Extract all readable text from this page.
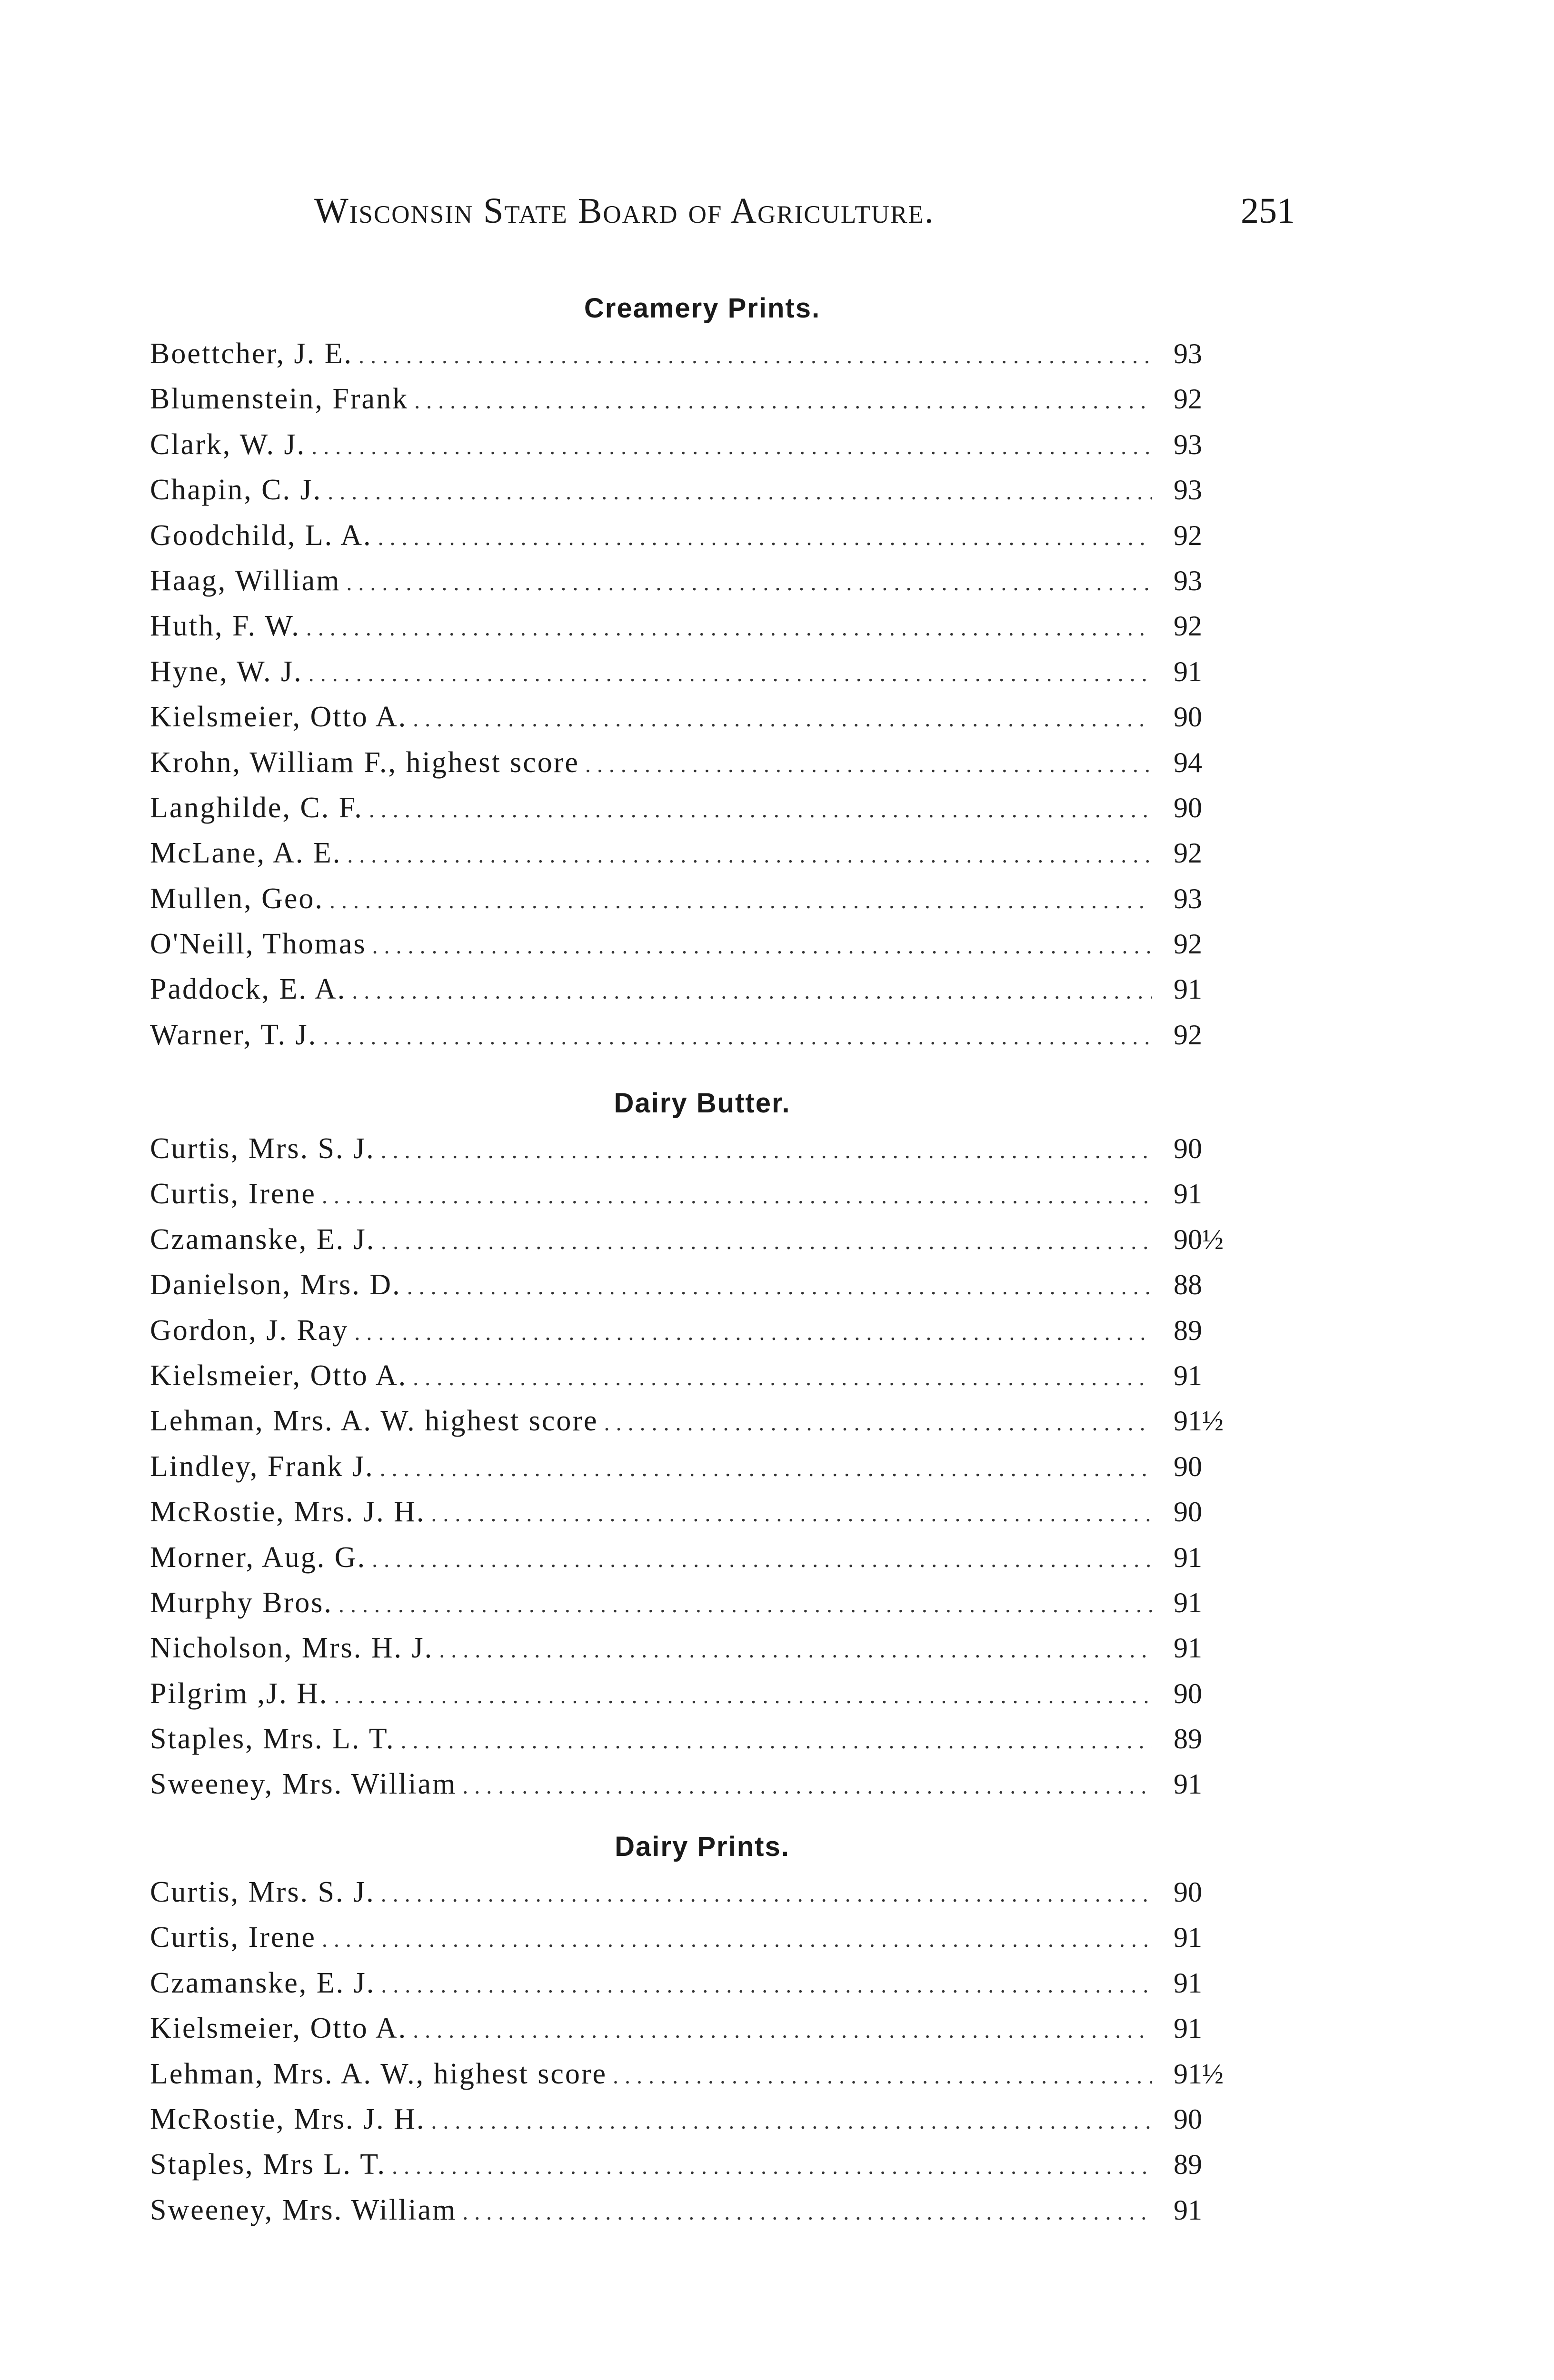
Wisconsin State Board of Agriculture.	251
Creamery Prints.
Boettcher, J. E. .....	93
Blumenstein, Frank .....	92
Clark, W. J. .....	93
Chapin, C. J. .....	93
Goodchild, L. A. .....	92
Haag, William .....	93
Huth, F. W. .....	92
Hyne, W. J. .....	91
Kielsmeier, Otto A. .....	90
Krohn, William F., highest score .....	94
Langhilde, C. F. .....	90
McLane, A. E. .....	92
Mullen, Geo. .....	93
O'Neill, Thomas .....	92
Paddock, E. A. .....	91
Warner, T. J. .....	92
Dairy Butter.
Curtis, Mrs. S. J. .....	90
Curtis, Irene .....	91
Czamanske, E. J. .....	90½
Danielson, Mrs. D. .....	88
Gordon, J. Ray .....	89
Kielsmeier, Otto A. .....	91
Lehman, Mrs. A. W. highest score .....	91½
Lindley, Frank J. .....	90
McRostie, Mrs. J. H. .....	90
Morner, Aug. G. .....	91
Murphy Bros. .....	91
Nicholson, Mrs. H. J. .....	91
Pilgrim ,J. H. .....	90
Staples, Mrs. L. T. .....	89
Sweeney, Mrs. William .....	91
Dairy Prints.
Curtis, Mrs. S. J. .....	90
Curtis, Irene .....	91
Czamanske, E. J. .....	91
Kielsmeier, Otto A. .....	91
Lehman, Mrs. A. W., highest score .....	91½
McRostie, Mrs. J. H. .....	90
Staples, Mrs L. T. .....	89
Sweeney, Mrs. William .....	91
